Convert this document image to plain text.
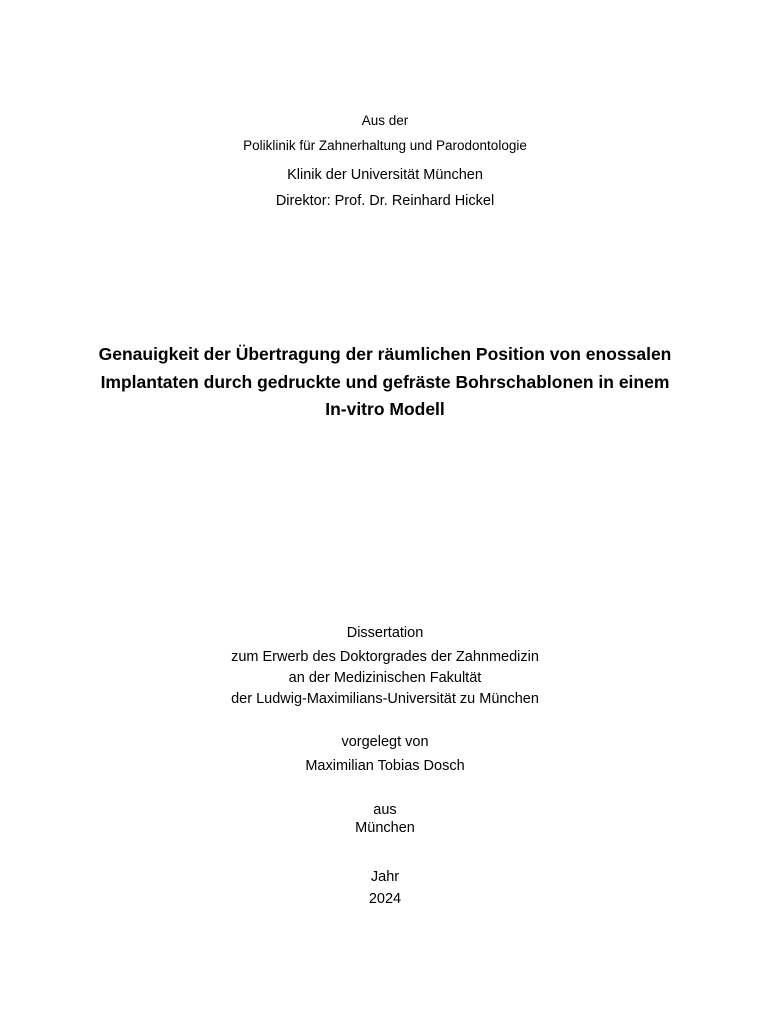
Aus der
Poliklinik für Zahnerhaltung und Parodontologie
Klinik der Universität München
Direktor: Prof. Dr. Reinhard Hickel
Genauigkeit der Übertragung der räumlichen Position von enossalen
Implantaten durch gedruckte und gefräste Bohrschablonen in einem
In-vitro Modell
Dissertation
zum Erwerb des Doktorgrades der Zahnmedizin
an der Medizinischen Fakultät
der Ludwig-Maximilians-Universität zu München
vorgelegt von
Maximilian Tobias Dosch
aus
München
Jahr
2024
